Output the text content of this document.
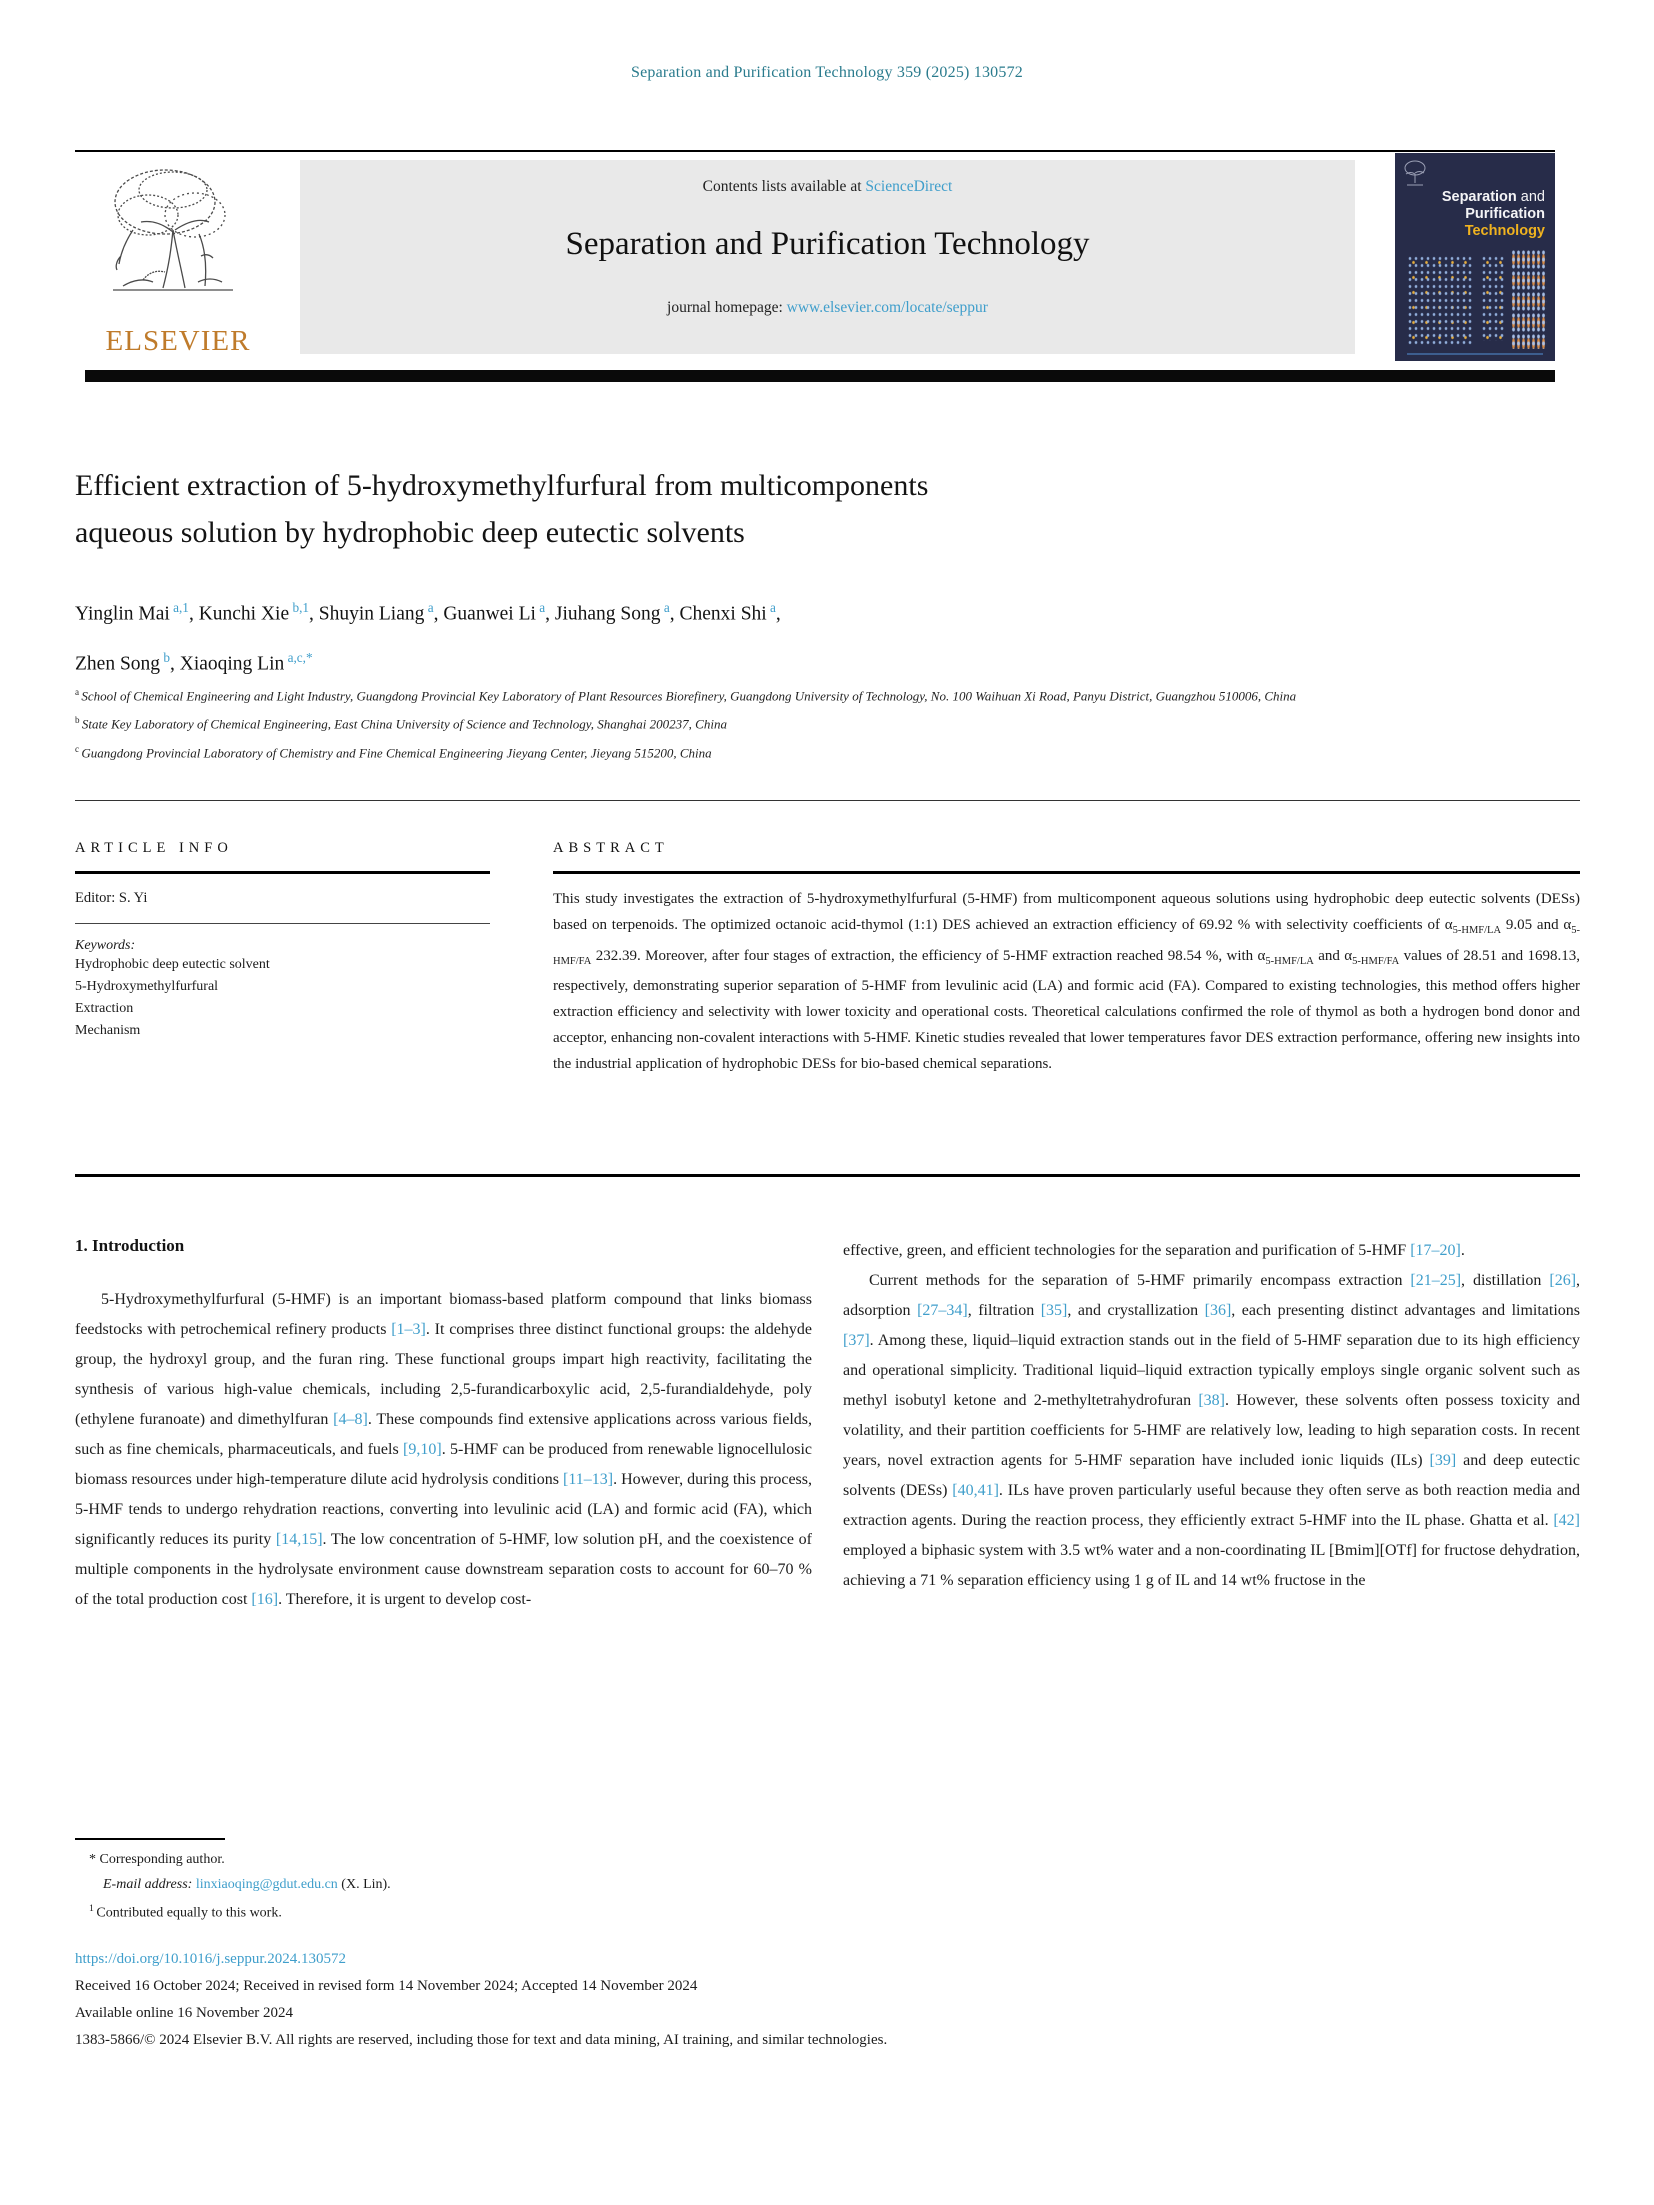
Separation and Purification Technology 359 (2025) 130572
ELSEVIER
Contents lists available at ScienceDirect
Separation and Purification Technology
journal homepage: www.elsevier.com/locate/seppur
Separation and
Purification
Technology
Efficient extraction of 5-hydroxymethylfurfural from multicomponents
aqueous solution by hydrophobic deep eutectic solvents
Yinglin Mai $^{a,1}$, Kunchi Xie $^{b,1}$, Shuyin Liang $^a$, Guanwei Li $^a$, Jiuhang Song $^a$, Chenxi Shi $^a$,
Zhen Song $^b$, Xiaoqing Lin $^{a,c,*}$
$^a$ School of Chemical Engineering and Light Industry, Guangdong Provincial Key Laboratory of Plant Resources Biorefinery, Guangdong University of Technology, No. 100 Waihuan Xi Road, Panyu District, Guangzhou 510006, China
$^b$ State Key Laboratory of Chemical Engineering, East China University of Science and Technology, Shanghai 200237, China
$^c$ Guangdong Provincial Laboratory of Chemistry and Fine Chemical Engineering Jieyang Center, Jieyang 515200, China
ARTICLE INFO
Editor: S. Yi
Keywords:
Hydrophobic deep eutectic solvent
5-Hydroxymethylfurfural
Extraction
Mechanism
ABSTRACT
This study investigates the extraction of 5-hydroxymethylfurfural (5-HMF) from multicomponent aqueous solutions using hydrophobic deep eutectic solvents (DESs) based on terpenoids. The optimized octanoic acid-thymol (1:1) DES achieved an extraction efficiency of 69.92 % with selectivity coefficients of $\alpha_{5-HMF/LA}$ 9.05 and $\alpha_{5-HMF/FA}$ 232.39. Moreover, after four stages of extraction, the efficiency of 5-HMF extraction reached 98.54 %, with $\alpha_{5-HMF/LA}$ and $\alpha_{5-HMF/FA}$ values of 28.51 and 1698.13, respectively, demonstrating superior separation of 5-HMF from levulinic acid (LA) and formic acid (FA). Compared to existing technologies, this method offers higher extraction efficiency and selectivity with lower toxicity and operational costs. Theoretical calculations confirmed the role of thymol as both a hydrogen bond donor and acceptor, enhancing non-covalent interactions with 5-HMF. Kinetic studies revealed that lower temperatures favor DES extraction performance, offering new insights into the industrial application of hydrophobic DESs for bio-based chemical separations.
1. Introduction

5-Hydroxymethylfurfural (5-HMF) is an important biomass-based platform compound that links biomass feedstocks with petrochemical refinery products [1–3]. It comprises three distinct functional groups: the aldehyde group, the hydroxyl group, and the furan ring. These functional groups impart high reactivity, facilitating the synthesis of various high-value chemicals, including 2,5-furandicarboxylic acid, 2,5-furandialdehyde, poly (ethylene furanoate) and dimethylfuran [4–8]. These compounds find extensive applications across various fields, such as fine chemicals, pharmaceuticals, and fuels [9,10]. 5-HMF can be produced from renewable lignocellulosic biomass resources under high-temperature dilute acid hydrolysis conditions [11–13]. However, during this process, 5-HMF tends to undergo rehydration reactions, converting into levulinic acid (LA) and formic acid (FA), which significantly reduces its purity [14,15]. The low concentration of 5-HMF, low solution pH, and the coexistence of multiple components in the hydrolysate environment cause downstream separation costs to account for 60–70 % of the total production cost [16]. Therefore, it is urgent to develop cost-

effective, green, and efficient technologies for the separation and purification of 5-HMF [17–20].

Current methods for the separation of 5-HMF primarily encompass extraction [21–25], distillation [26], adsorption [27–34], filtration [35], and crystallization [36], each presenting distinct advantages and limitations [37]. Among these, liquid–liquid extraction stands out in the field of 5-HMF separation due to its high efficiency and operational simplicity. Traditional liquid–liquid extraction typically employs single organic solvent such as methyl isobutyl ketone and 2-methyltetrahydrofuran [38]. However, these solvents often possess toxicity and volatility, and their partition coefficients for 5-HMF are relatively low, leading to high separation costs. In recent years, novel extraction agents for 5-HMF separation have included ionic liquids (ILs) [39] and deep eutectic solvents (DESs) [40,41]. ILs have proven particularly useful because they often serve as both reaction media and extraction agents. During the reaction process, they efficiently extract 5-HMF into the IL phase. Ghatta et al. [42] employed a biphasic system with 3.5 wt% water and a non-coordinating IL [Bmim][OTf] for fructose dehydration, achieving a 71 % separation efficiency using 1 g of IL and 14 wt% fructose in the

* Corresponding author.
E-mail address: linxiaoqing@gdut.edu.cn (X. Lin).
$^1$ Contributed equally to this work.
https://doi.org/10.1016/j.seppur.2024.130572
Received 16 October 2024; Received in revised form 14 November 2024; Accepted 14 November 2024
Available online 16 November 2024
1383-5866/© 2024 Elsevier B.V. All rights are reserved, including those for text and data mining, AI training, and similar technologies.
